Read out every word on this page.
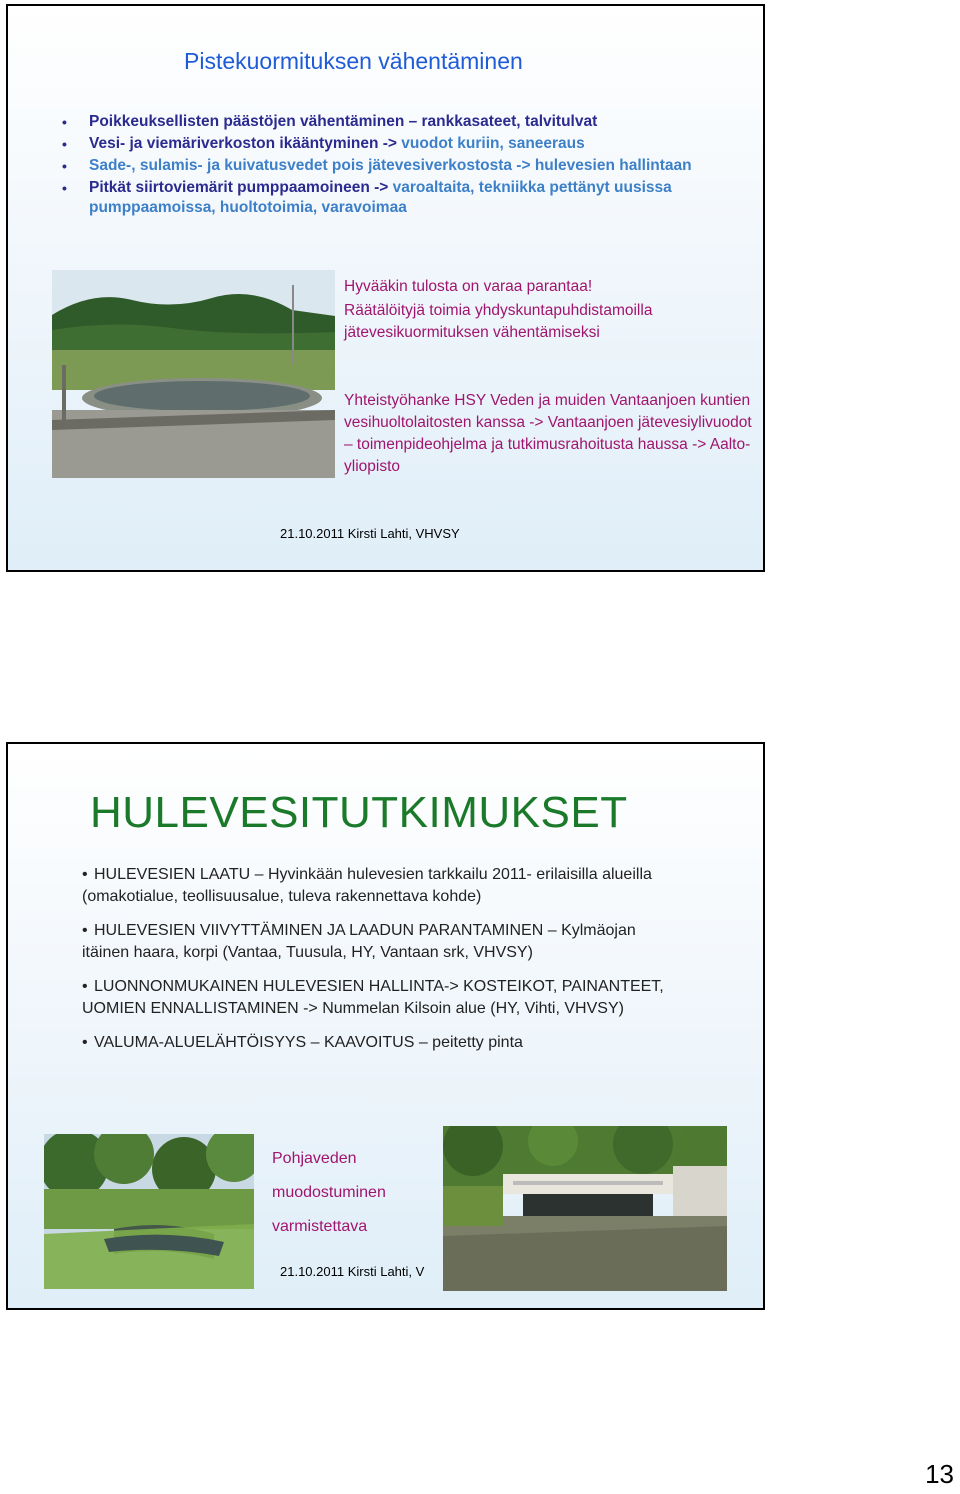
Pistekuormituksen vähentäminen
• Poikkeuksellisten päästöjen vähentäminen – rankkasateet, talvitulvat
• Vesi- ja viemäriverkoston ikääntyminen -> vuodot kuriin, saneeraus
• Sade-, sulamis- ja kuivatusvedet pois jätevesiverkostosta -> hulevesien hallintaan
• Pitkät siirtoviemärit pumppaamoineen -> varoaltaita, tekniikka pettänyt uusissa pumppaamoissa, huoltotoimia, varavoimaa
Hyvääkin tulosta on varaa parantaa!
Räätälöityjä toimia yhdyskuntapuhdistamoilla jätevesikuormituksen vähentämiseksi
Yhteistyöhanke HSY Veden ja muiden Vantaanjoen kuntien vesihuoltolaitosten kanssa -> Vantaanjoen jätevesiylivuodot – toimenpideohjelma ja tutkimusrahoitusta haussa -> Aalto-yliopisto
21.10.2011 Kirsti Lahti, VHVSY
HULEVESITUTKIMUKSET
• HULEVESIEN LAATU – Hyvinkään hulevesien tarkkailu 2011- erilaisilla alueilla (omakotialue, teollisuusalue, tuleva rakennettava kohde)
• HULEVESIEN VIIVYTTÄMINEN JA LAADUN PARANTAMINEN – Kylmäojan itäinen haara, korpi (Vantaa, Tuusula, HY, Vantaan srk, VHVSY)
• LUONNONMUKAINEN HULEVESIEN HALLINTA-> KOSTEIKOT, PAINANTEET, UOMIEN ENNALLISTAMINEN -> Nummelan Kilsoin alue (HY, Vihti, VHVSY)
• VALUMA-ALUELÄHTÖISYYS – KAAVOITUS – peitetty pinta
Pohjaveden
muodostuminen
varmistettava
21.10.2011 Kirsti Lahti, V
13
